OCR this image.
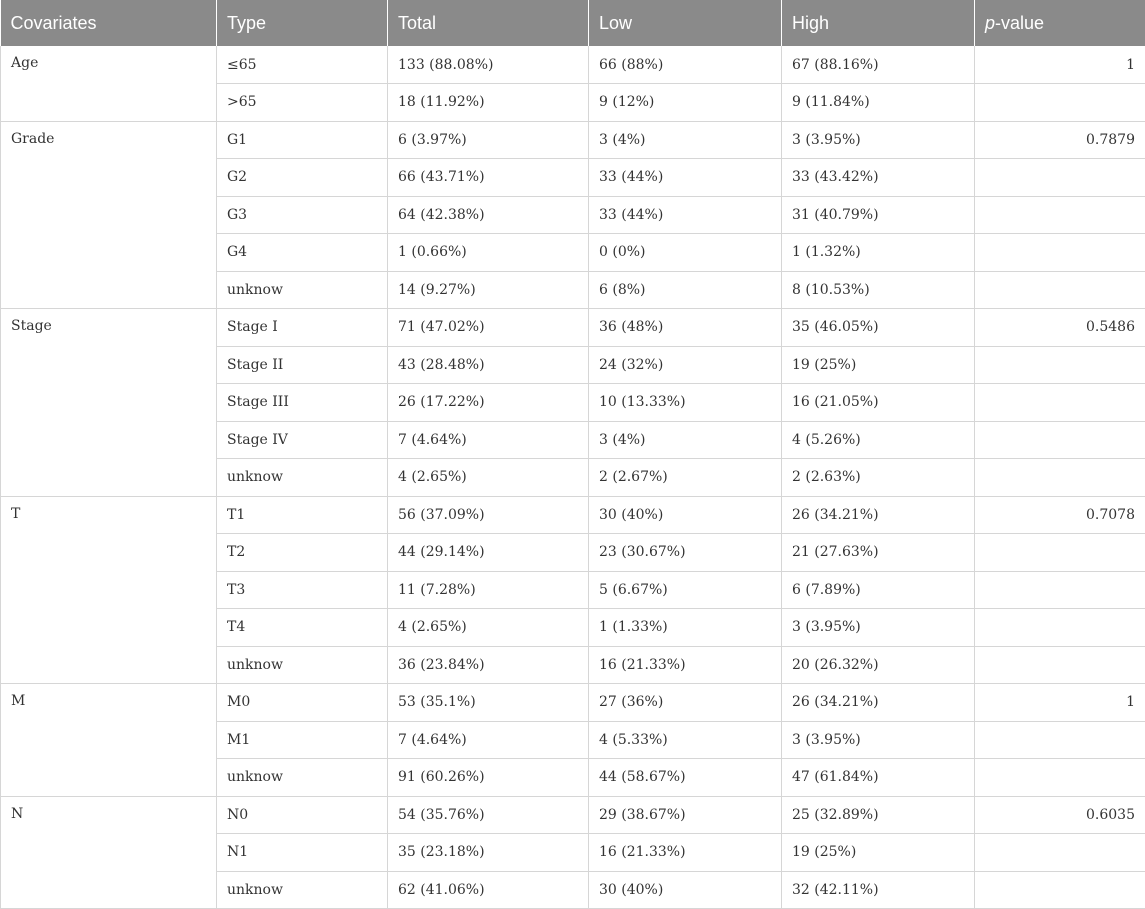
Covariates	Type	Total	Low	High	p-value
Age	≤65	133 (88.08%)	66 (88%)	67 (88.16%)	1
	>65	18 (11.92%)	9 (12%)	9 (11.84%)	
Grade	G1	6 (3.97%)	3 (4%)	3 (3.95%)	0.7879
	G2	66 (43.71%)	33 (44%)	33 (43.42%)	
	G3	64 (42.38%)	33 (44%)	31 (40.79%)	
	G4	1 (0.66%)	0 (0%)	1 (1.32%)	
	unknow	14 (9.27%)	6 (8%)	8 (10.53%)	
Stage	Stage I	71 (47.02%)	36 (48%)	35 (46.05%)	0.5486
	Stage II	43 (28.48%)	24 (32%)	19 (25%)	
	Stage III	26 (17.22%)	10 (13.33%)	16 (21.05%)	
	Stage IV	7 (4.64%)	3 (4%)	4 (5.26%)	
	unknow	4 (2.65%)	2 (2.67%)	2 (2.63%)	
T	T1	56 (37.09%)	30 (40%)	26 (34.21%)	0.7078
	T2	44 (29.14%)	23 (30.67%)	21 (27.63%)	
	T3	11 (7.28%)	5 (6.67%)	6 (7.89%)	
	T4	4 (2.65%)	1 (1.33%)	3 (3.95%)	
	unknow	36 (23.84%)	16 (21.33%)	20 (26.32%)	
M	M0	53 (35.1%)	27 (36%)	26 (34.21%)	1
	M1	7 (4.64%)	4 (5.33%)	3 (3.95%)	
	unknow	91 (60.26%)	44 (58.67%)	47 (61.84%)	
N	N0	54 (35.76%)	29 (38.67%)	25 (32.89%)	0.6035
	N1	35 (23.18%)	16 (21.33%)	19 (25%)	
	unknow	62 (41.06%)	30 (40%)	32 (42.11%)	
